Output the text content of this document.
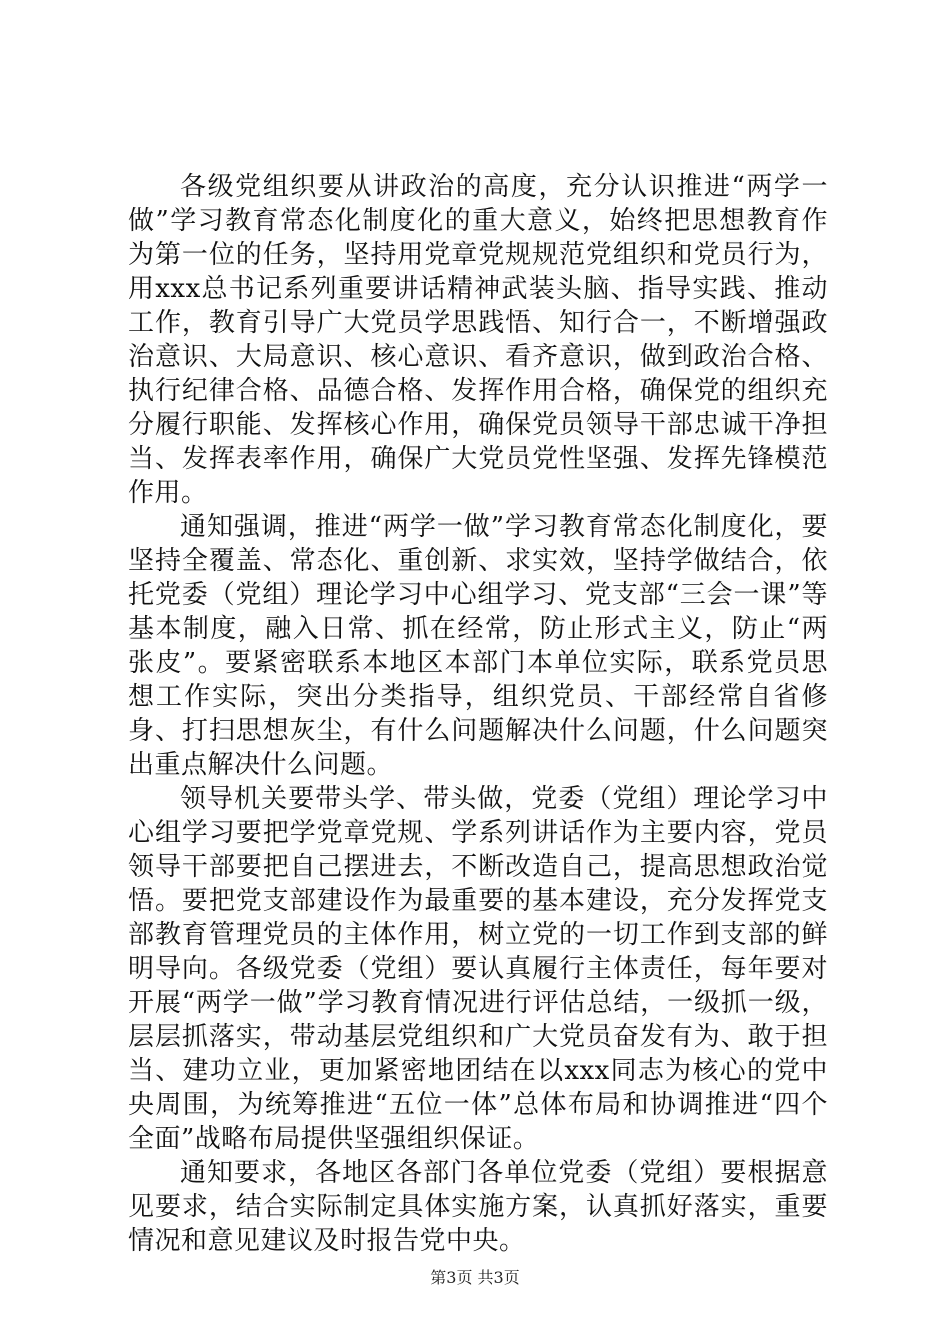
各级党组织要从讲政治的高度，充分认识推进“两学一做”学习教育常态化制度化的重大意义，始终把思想教育作为第一位的任务，坚持用党章党规规范党组织和党员行为，用xxx总书记系列重要讲话精神武装头脑、指导实践、推动工作，教育引导广大党员学思践悟、知行合一，不断增强政治意识、大局意识、核心意识、看齐意识，做到政治合格、执行纪律合格、品德合格、发挥作用合格，确保党的组织充分履行职能、发挥核心作用，确保党员领导干部忠诚干净担当、发挥表率作用，确保广大党员党性坚强、发挥先锋模范作用。

通知强调，推进“两学一做”学习教育常态化制度化，要坚持全覆盖、常态化、重创新、求实效，坚持学做结合，依托党委（党组）理论学习中心组学习、党支部“三会一课”等基本制度，融入日常、抓在经常，防止形式主义，防止“两张皮”。要紧密联系本地区本部门本单位实际，联系党员思想工作实际，突出分类指导，组织党员、干部经常自省修身、打扫思想灰尘，有什么问题解决什么问题，什么问题突出重点解决什么问题。

领导机关要带头学、带头做，党委（党组）理论学习中心组学习要把学党章党规、学系列讲话作为主要内容，党员领导干部要把自己摆进去，不断改造自己，提高思想政治觉悟。要把党支部建设作为最重要的基本建设，充分发挥党支部教育管理党员的主体作用，树立党的一切工作到支部的鲜明导向。各级党委（党组）要认真履行主体责任，每年要对开展“两学一做”学习教育情况进行评估总结，一级抓一级，层层抓落实，带动基层党组织和广大党员奋发有为、敢于担当、建功立业，更加紧密地团结在以xxx同志为核心的党中央周围，为统筹推进“五位一体”总体布局和协调推进“四个全面”战略布局提供坚强组织保证。

通知要求，各地区各部门各单位党委（党组）要根据意见要求，结合实际制定具体实施方案，认真抓好落实，重要情况和意见建议及时报告党中央。

第3页 共3页
